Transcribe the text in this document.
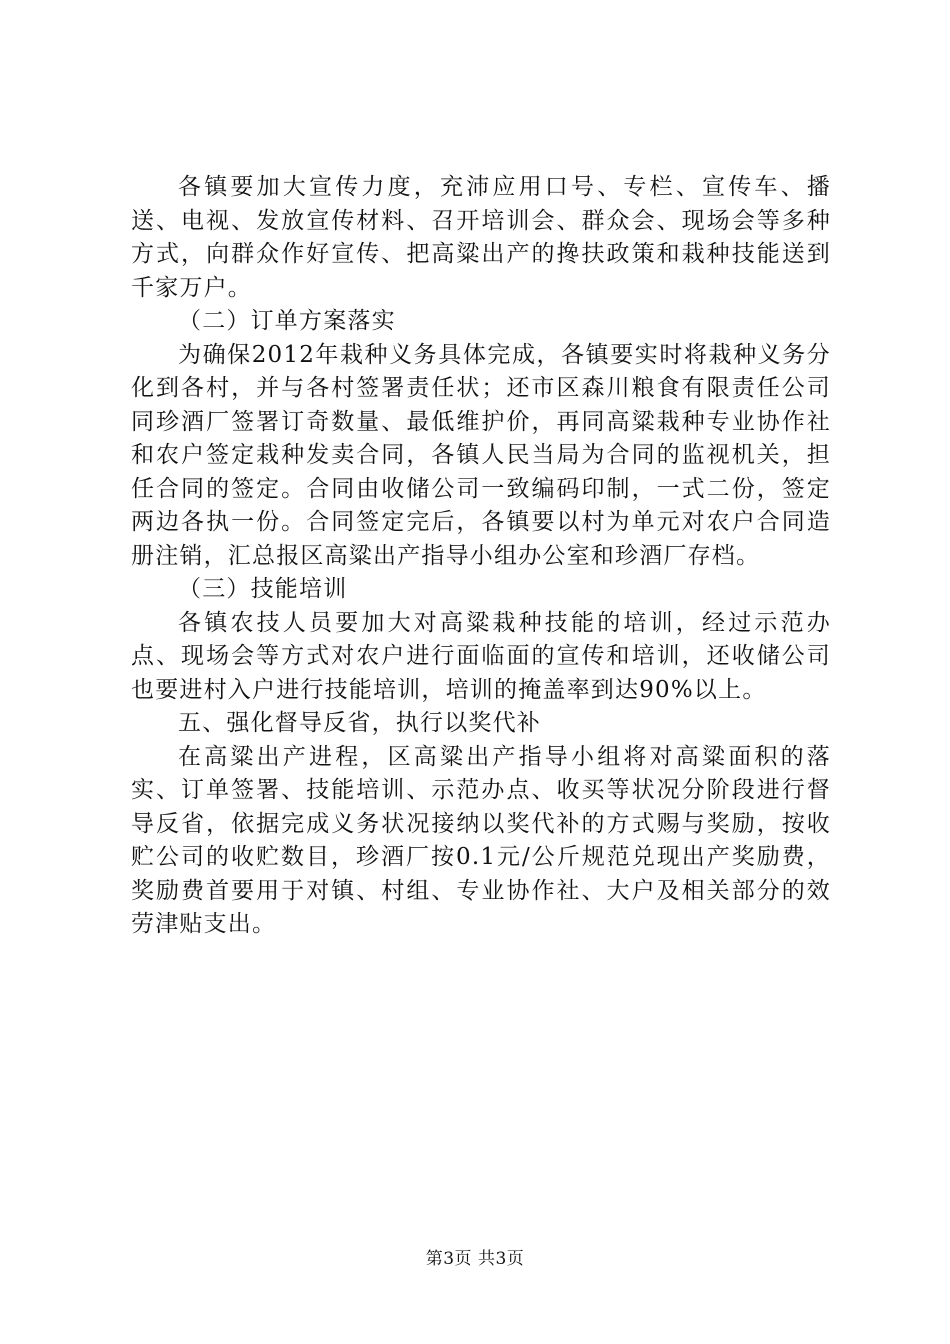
各镇要加大宣传力度，充沛应用口号、专栏、宣传车、播送、电视、发放宣传材料、召开培训会、群众会、现场会等多种方式，向群众作好宣传、把高粱出产的搀扶政策和栽种技能送到千家万户。

（二）订单方案落实

为确保2012年栽种义务具体完成，各镇要实时将栽种义务分化到各村，并与各村签署责任状；还市区森川粮食有限责任公司同珍酒厂签署订奇数量、最低维护价，再同高粱栽种专业协作社和农户签定栽种发卖合同，各镇人民当局为合同的监视机关，担任合同的签定。合同由收储公司一致编码印制，一式二份，签定两边各执一份。合同签定完后，各镇要以村为单元对农户合同造册注销，汇总报区高粱出产指导小组办公室和珍酒厂存档。

（三）技能培训

各镇农技人员要加大对高粱栽种技能的培训，经过示范办点、现场会等方式对农户进行面临面的宣传和培训，还收储公司也要进村入户进行技能培训，培训的掩盖率到达90%以上。

五、强化督导反省，执行以奖代补

在高粱出产进程，区高粱出产指导小组将对高粱面积的落实、订单签署、技能培训、示范办点、收买等状况分阶段进行督导反省，依据完成义务状况接纳以奖代补的方式赐与奖励，按收贮公司的收贮数目，珍酒厂按0.1元/公斤规范兑现出产奖励费，奖励费首要用于对镇、村组、专业协作社、大户及相关部分的效劳津贴支出。

第3页 共3页
